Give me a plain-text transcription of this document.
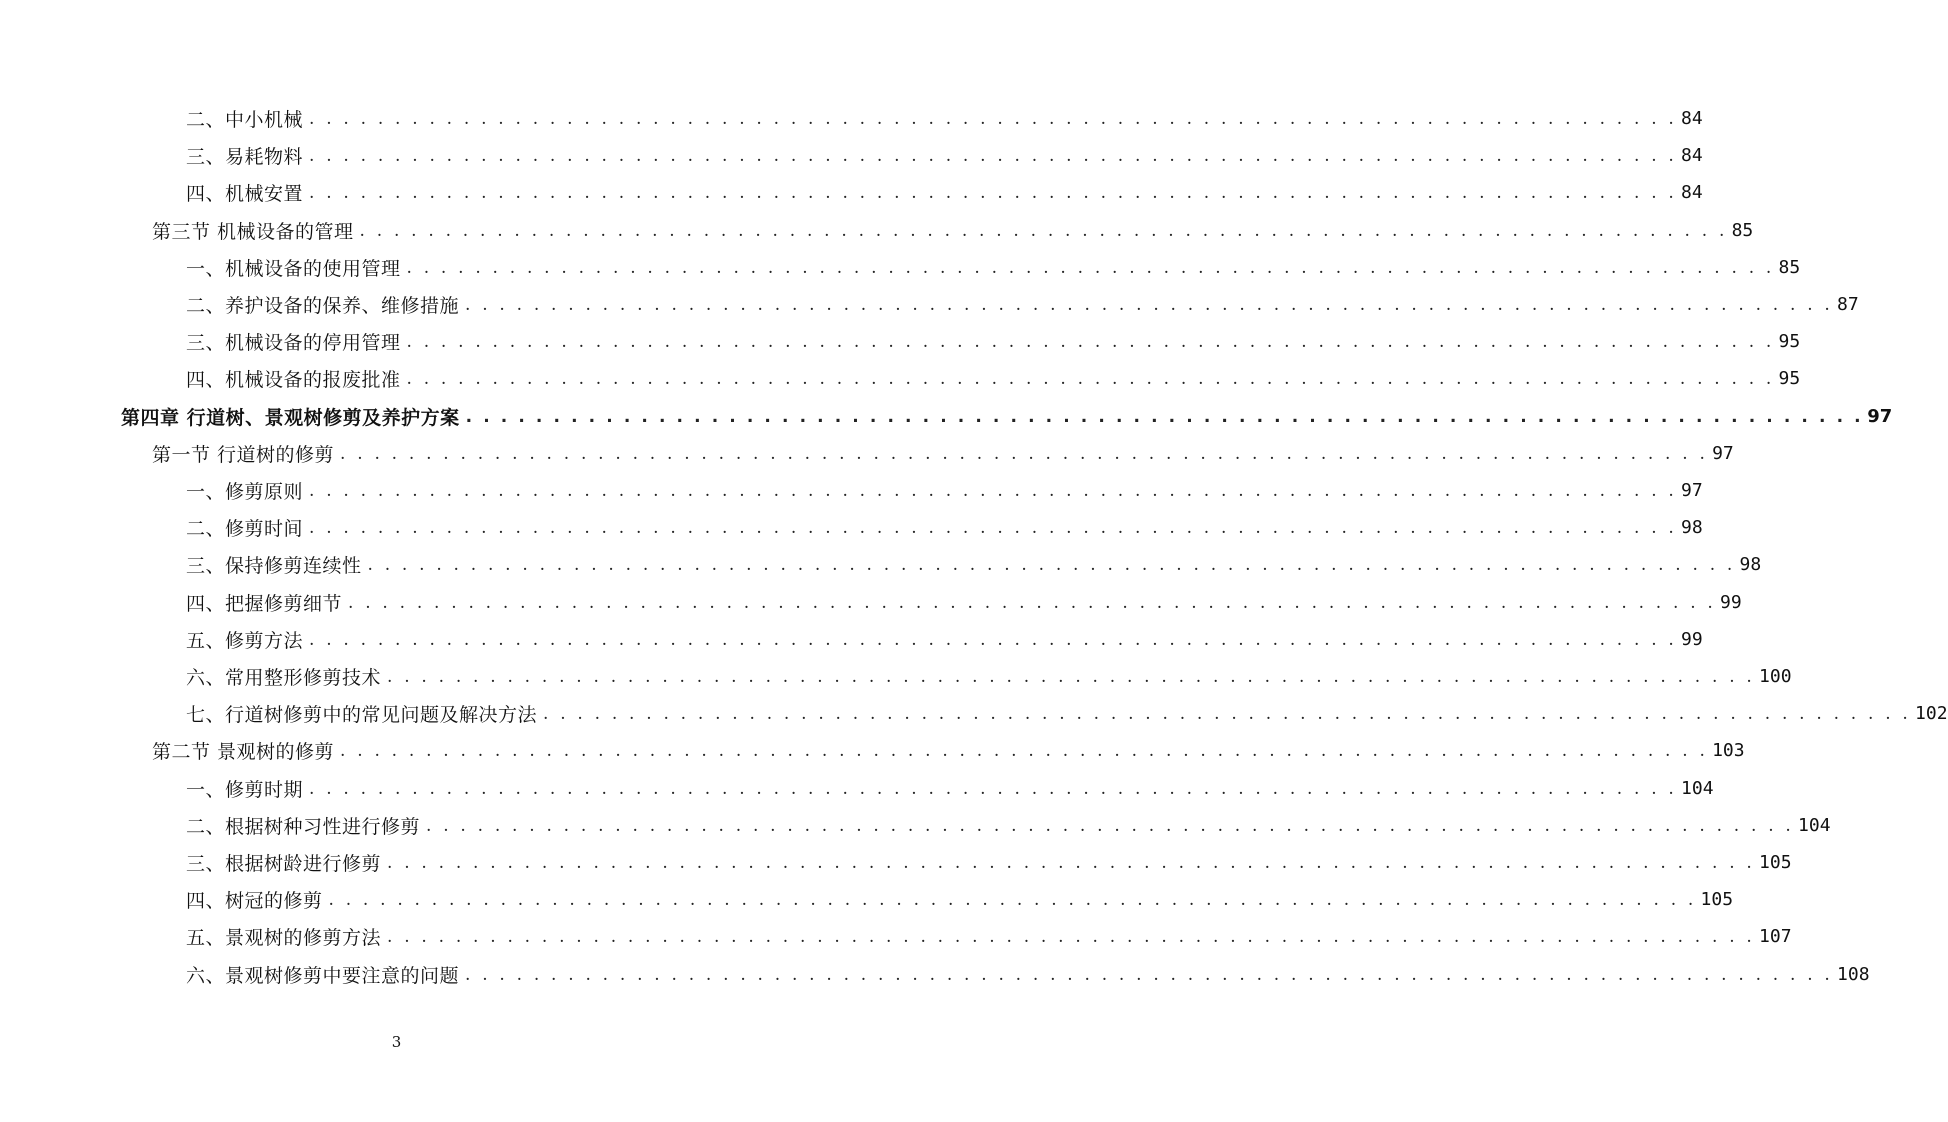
二、中小机械 . . . . . . . . . . . . . . . . . . . . . . . . . . . . . . . . . . . . . . . . . . . . . . . . . . . . . . . . . . . . . . . . . . . . . . . . . . . . . . . . 84
三、易耗物料 . . . . . . . . . . . . . . . . . . . . . . . . . . . . . . . . . . . . . . . . . . . . . . . . . . . . . . . . . . . . . . . . . . . . . . . . . . . . . . . . 84
四、机械安置 . . . . . . . . . . . . . . . . . . . . . . . . . . . . . . . . . . . . . . . . . . . . . . . . . . . . . . . . . . . . . . . . . . . . . . . . . . . . . . . . 84
第三节 机械设备的管理 . . . . . . . . . . . . . . . . . . . . . . . . . . . . . . . . . . . . . . . . . . . . . . . . . . . . . . . . . . . . . . . . . . . . . . . . . . . . . . . . 85
一、机械设备的使用管理 . . . . . . . . . . . . . . . . . . . . . . . . . . . . . . . . . . . . . . . . . . . . . . . . . . . . . . . . . . . . . . . . . . . . . . . . . . . . . . . . 85
二、养护设备的保养、维修措施 . . . . . . . . . . . . . . . . . . . . . . . . . . . . . . . . . . . . . . . . . . . . . . . . . . . . . . . . . . . . . . . . . . . . . . . . . . . . . . . . 87
三、机械设备的停用管理 . . . . . . . . . . . . . . . . . . . . . . . . . . . . . . . . . . . . . . . . . . . . . . . . . . . . . . . . . . . . . . . . . . . . . . . . . . . . . . . . 95
四、机械设备的报废批准 . . . . . . . . . . . . . . . . . . . . . . . . . . . . . . . . . . . . . . . . . . . . . . . . . . . . . . . . . . . . . . . . . . . . . . . . . . . . . . . . 95
第四章 行道树、景观树修剪及养护方案 . . . . . . . . . . . . . . . . . . . . . . . . . . . . . . . . . . . . . . . . . . . . . . . . . . . . . . . . . . . . . . . . . . . . . . . . . . . . . . . . 97
第一节 行道树的修剪 . . . . . . . . . . . . . . . . . . . . . . . . . . . . . . . . . . . . . . . . . . . . . . . . . . . . . . . . . . . . . . . . . . . . . . . . . . . . . . . . 97
一、修剪原则 . . . . . . . . . . . . . . . . . . . . . . . . . . . . . . . . . . . . . . . . . . . . . . . . . . . . . . . . . . . . . . . . . . . . . . . . . . . . . . . . 97
二、修剪时间 . . . . . . . . . . . . . . . . . . . . . . . . . . . . . . . . . . . . . . . . . . . . . . . . . . . . . . . . . . . . . . . . . . . . . . . . . . . . . . . . 98
三、保持修剪连续性 . . . . . . . . . . . . . . . . . . . . . . . . . . . . . . . . . . . . . . . . . . . . . . . . . . . . . . . . . . . . . . . . . . . . . . . . . . . . . . . . 98
四、把握修剪细节 . . . . . . . . . . . . . . . . . . . . . . . . . . . . . . . . . . . . . . . . . . . . . . . . . . . . . . . . . . . . . . . . . . . . . . . . . . . . . . . . 99
五、修剪方法 . . . . . . . . . . . . . . . . . . . . . . . . . . . . . . . . . . . . . . . . . . . . . . . . . . . . . . . . . . . . . . . . . . . . . . . . . . . . . . . . 99
六、常用整形修剪技术 . . . . . . . . . . . . . . . . . . . . . . . . . . . . . . . . . . . . . . . . . . . . . . . . . . . . . . . . . . . . . . . . . . . . . . . . . . . . . . . . 100
七、行道树修剪中的常见问题及解决方法 . . . . . . . . . . . . . . . . . . . . . . . . . . . . . . . . . . . . . . . . . . . . . . . . . . . . . . . . . . . . . . . . . . . . . . . . . . . . . . . . 102
第二节 景观树的修剪 . . . . . . . . . . . . . . . . . . . . . . . . . . . . . . . . . . . . . . . . . . . . . . . . . . . . . . . . . . . . . . . . . . . . . . . . . . . . . . . . 103
一、修剪时期 . . . . . . . . . . . . . . . . . . . . . . . . . . . . . . . . . . . . . . . . . . . . . . . . . . . . . . . . . . . . . . . . . . . . . . . . . . . . . . . . 104
二、根据树种习性进行修剪 . . . . . . . . . . . . . . . . . . . . . . . . . . . . . . . . . . . . . . . . . . . . . . . . . . . . . . . . . . . . . . . . . . . . . . . . . . . . . . . . 104
三、根据树龄进行修剪 . . . . . . . . . . . . . . . . . . . . . . . . . . . . . . . . . . . . . . . . . . . . . . . . . . . . . . . . . . . . . . . . . . . . . . . . . . . . . . . . 105
四、树冠的修剪 . . . . . . . . . . . . . . . . . . . . . . . . . . . . . . . . . . . . . . . . . . . . . . . . . . . . . . . . . . . . . . . . . . . . . . . . . . . . . . . . 105
五、景观树的修剪方法 . . . . . . . . . . . . . . . . . . . . . . . . . . . . . . . . . . . . . . . . . . . . . . . . . . . . . . . . . . . . . . . . . . . . . . . . . . . . . . . . 107
六、景观树修剪中要注意的问题 . . . . . . . . . . . . . . . . . . . . . . . . . . . . . . . . . . . . . . . . . . . . . . . . . . . . . . . . . . . . . . . . . . . . . . . . . . . . . . . . 108
3
